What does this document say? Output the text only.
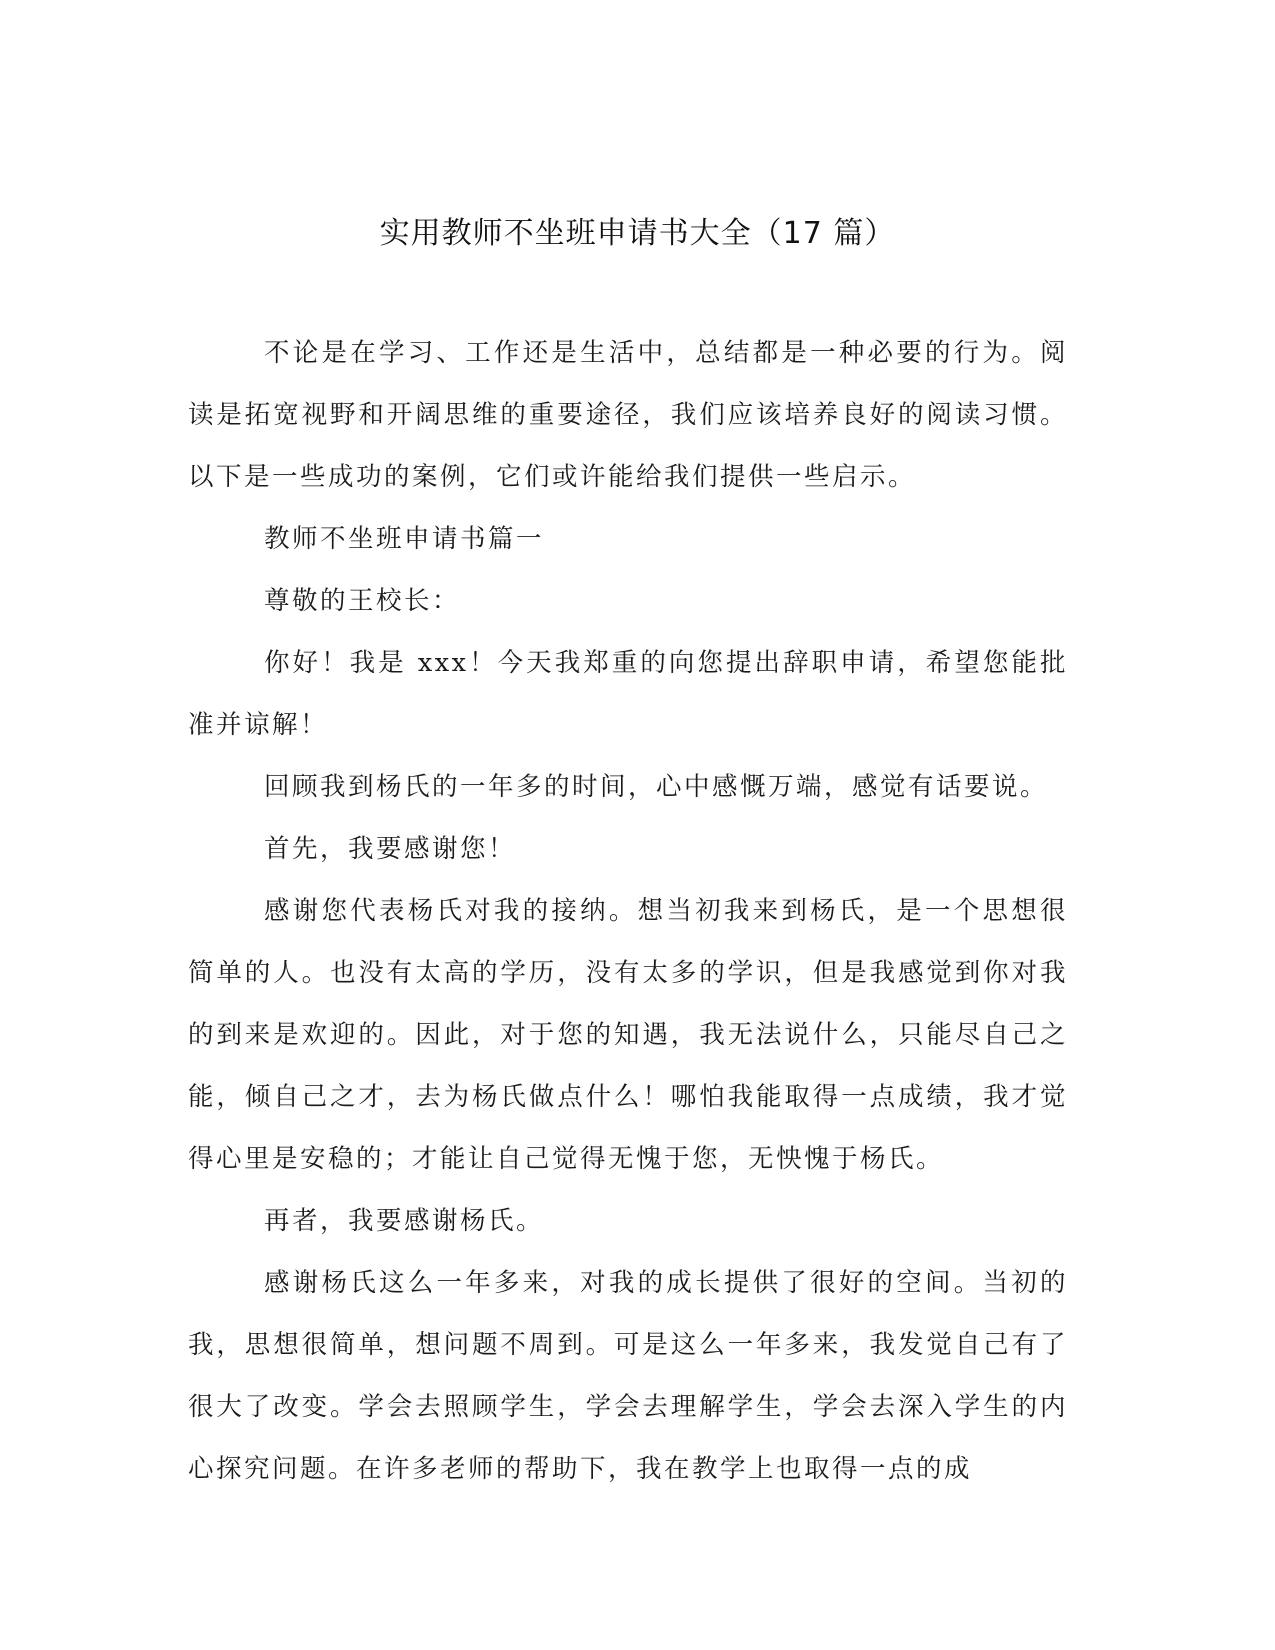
实用教师不坐班申请书大全（17 篇）

不论是在学习、工作还是生活中，总结都是一种必要的行为。阅读是拓宽视野和开阔思维的重要途径，我们应该培养良好的阅读习惯。以下是一些成功的案例，它们或许能给我们提供一些启示。

教师不坐班申请书篇一

尊敬的王校长：

你好！我是 xxx！今天我郑重的向您提出辞职申请，希望您能批准并谅解！

回顾我到杨氏的一年多的时间，心中感慨万端，感觉有话要说。

首先，我要感谢您！

感谢您代表杨氏对我的接纳。想当初我来到杨氏，是一个思想很简单的人。也没有太高的学历，没有太多的学识，但是我感觉到你对我的到来是欢迎的。因此，对于您的知遇，我无法说什么，只能尽自己之能，倾自己之才，去为杨氏做点什么！哪怕我能取得一点成绩，我才觉得心里是安稳的；才能让自己觉得无愧于您，无怏愧于杨氏。

再者，我要感谢杨氏。

感谢杨氏这么一年多来，对我的成长提供了很好的空间。当初的我，思想很简单，想问题不周到。可是这么一年多来，我发觉自己有了很大了改变。学会去照顾学生，学会去理解学生，学会去深入学生的内心探究问题。在许多老师的帮助下，我在教学上也取得一点的成
